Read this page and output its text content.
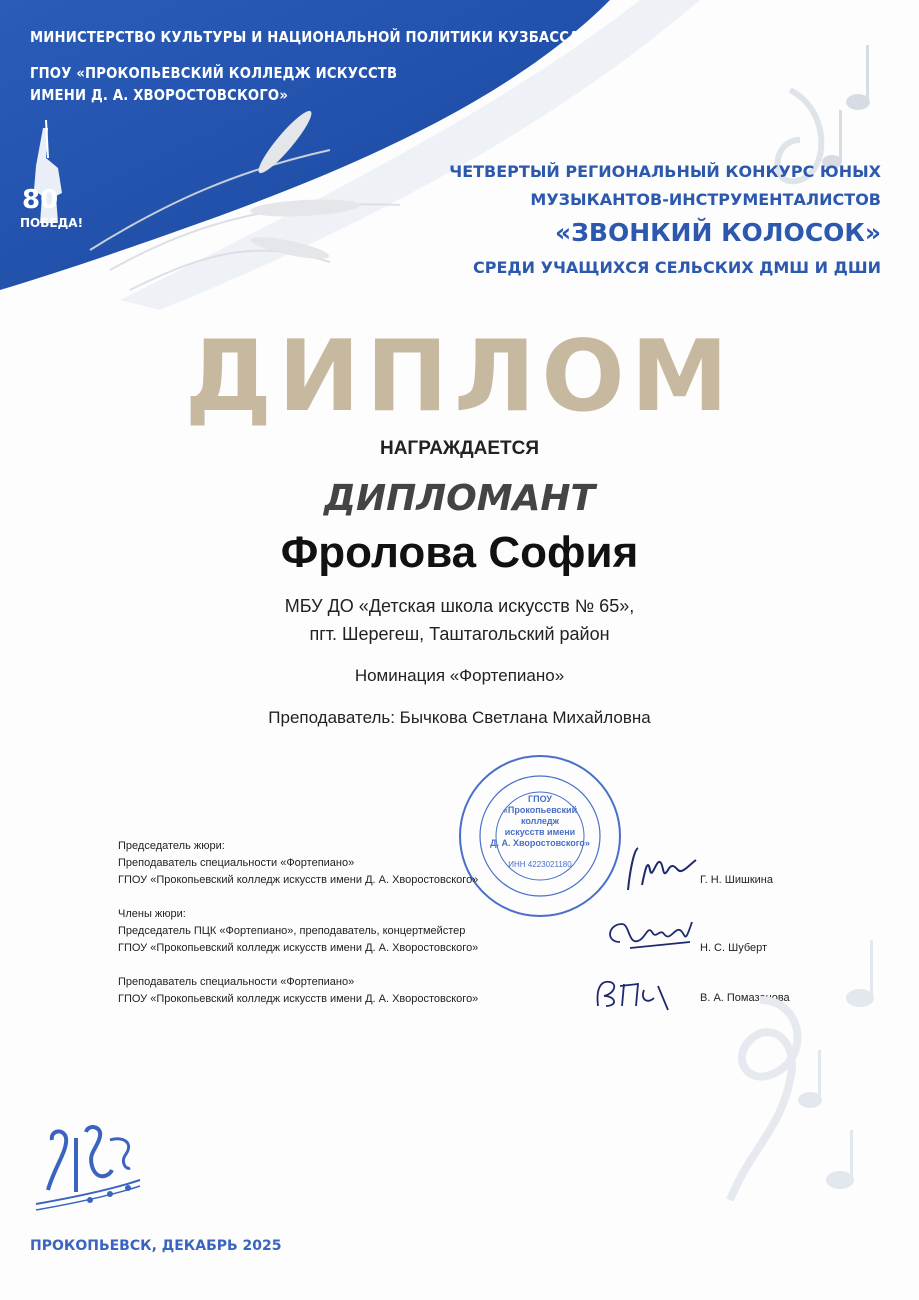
80
ПОБЕДА!
МИНИСТЕРСТВО КУЛЬТУРЫ И НАЦИОНАЛЬНОЙ ПОЛИТИКИ КУЗБАССА
ГПОУ «ПРОКОПЬЕВСКИЙ КОЛЛЕДЖ ИСКУССТВ
ИМЕНИ Д. А. ХВОРОСТОВСКОГО»
ЧЕТВЕРТЫЙ РЕГИОНАЛЬНЫЙ КОНКУРС ЮНЫХ
МУЗЫКАНТОВ-ИНСТРУМЕНТАЛИСТОВ
«ЗВОНКИЙ КОЛОСОК»
СРЕДИ УЧАЩИХСЯ СЕЛЬСКИХ ДМШ И ДШИ
ДИПЛОМ
НАГРАЖДАЕТСЯ
ДИПЛОМАНТ
Фролова София
МБУ ДО «Детская школа искусств № 65»,
пгт. Шерегеш, Таштагольский район
Номинация «Фортепиано»
Преподаватель: Бычкова Светлана Михайловна
ГПОУ
«Прокопьевский
колледж
искусств имени
Д. А. Хворостовского»
ИНН 4223021180
Председатель жюри:
Преподаватель специальности «Фортепиано»
ГПОУ «Прокопьевский колледж искусств имени Д. А. Хворостовского»
Члены жюри:
Председатель ПЦК «Фортепиано», преподаватель, концертмейстер
ГПОУ «Прокопьевский колледж искусств имени Д. А. Хворостовского»
Преподаватель специальности «Фортепиано»
ГПОУ «Прокопьевский колледж искусств имени Д. А. Хворостовского»
Г. Н. Шишкина
Н. С. Шуберт
В. А. Помазанова
ПРОКОПЬЕВСК, ДЕКАБРЬ 2025
